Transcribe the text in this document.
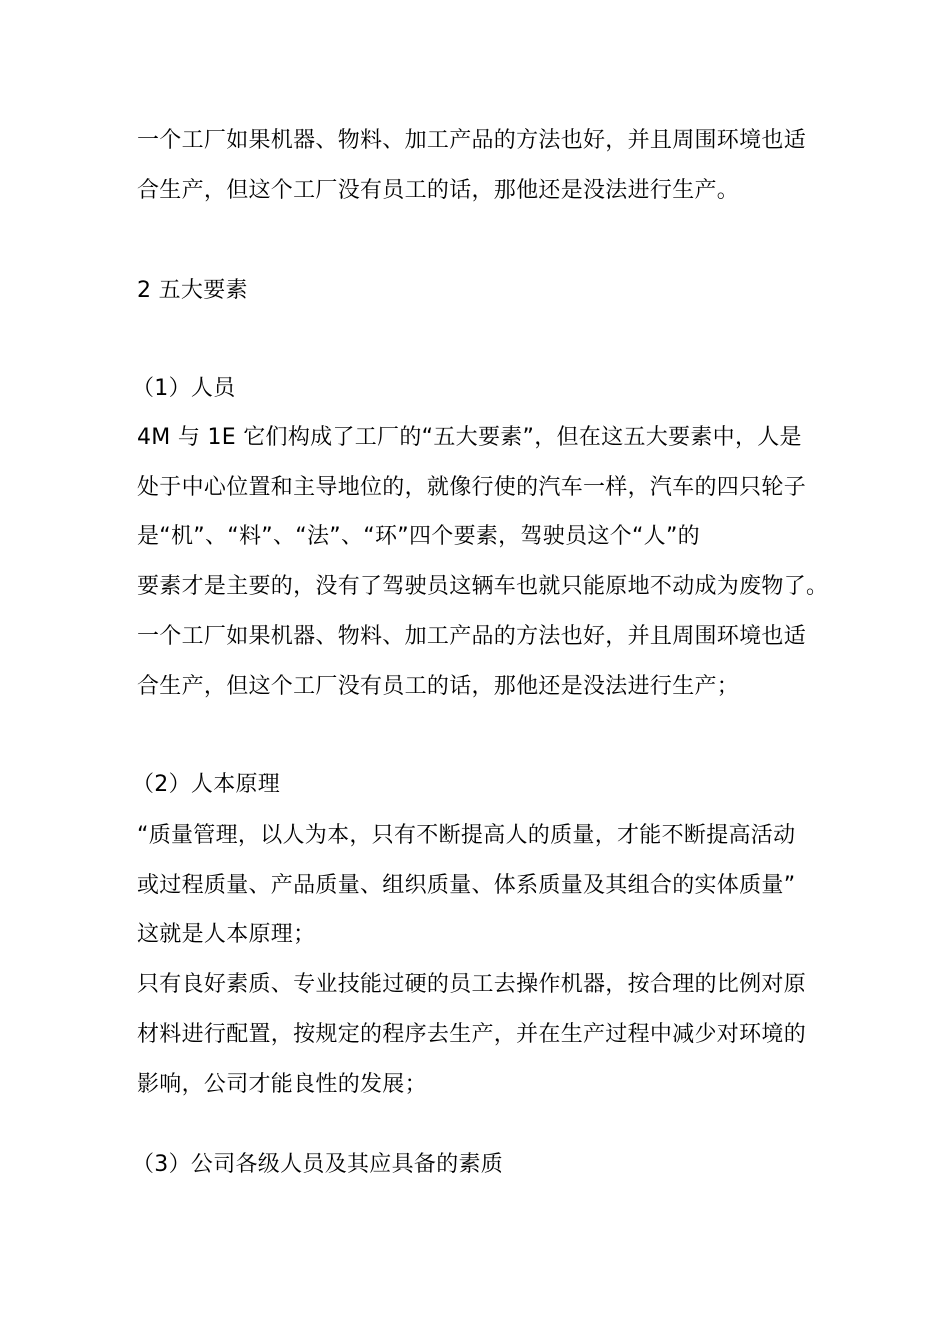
一个工厂如果机器、物料、加工产品的方法也好，并且周围环境也适
合生产，但这个工厂没有员工的话，那他还是没法进行生产。
2 五大要素
（1）人员
4M 与 1E 它们构成了工厂的“五大要素”，但在这五大要素中，人是
处于中心位置和主导地位的，就像行使的汽车一样，汽车的四只轮子
是“机”、“料”、“法”、“环”四个要素，驾驶员这个“人”的
要素才是主要的，没有了驾驶员这辆车也就只能原地不动成为废物了。
一个工厂如果机器、物料、加工产品的方法也好，并且周围环境也适
合生产，但这个工厂没有员工的话，那他还是没法进行生产；
（2）人本原理
“质量管理，以人为本，只有不断提高人的质量，才能不断提高活动
或过程质量、产品质量、组织质量、体系质量及其组合的实体质量”
这就是人本原理；
只有良好素质、专业技能过硬的员工去操作机器，按合理的比例对原
材料进行配置，按规定的程序去生产，并在生产过程中减少对环境的
影响，公司才能良性的发展；
（3）公司各级人员及其应具备的素质
